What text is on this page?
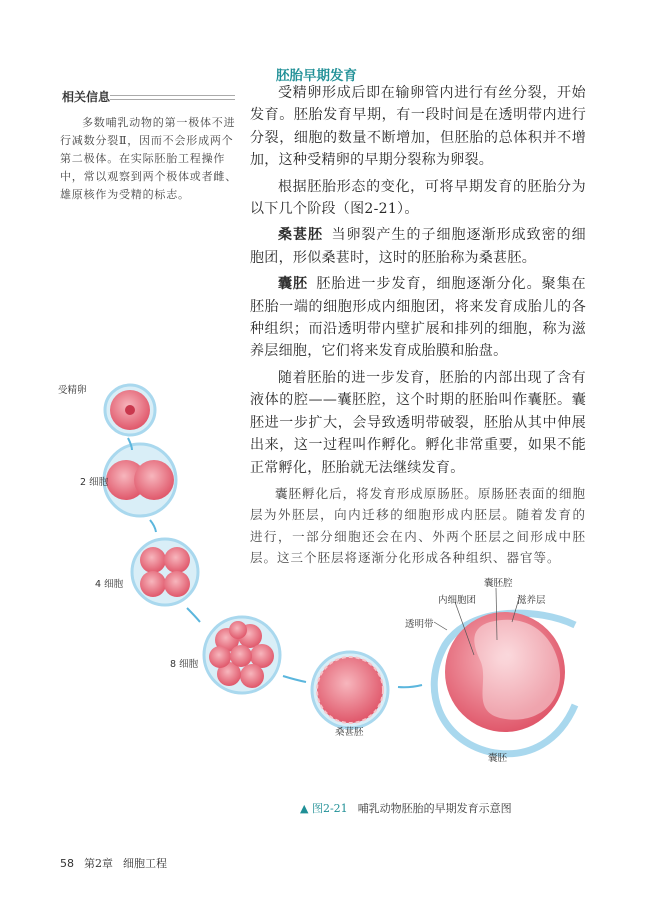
相关信息
多数哺乳动物的第一极体不进行减数分裂Ⅱ，因而不会形成两个第二极体。在实际胚胎工程操作中，常以观察到两个极体或者雌、雄原核作为受精的标志。
胚胎早期发育

受精卵形成后即在输卵管内进行有丝分裂，开始发育。胚胎发育早期，有一段时间是在透明带内进行分裂，细胞的数量不断增加，但胚胎的总体积并不增加，这种受精卵的早期分裂称为卵裂。

根据胚胎形态的变化，可将早期发育的胚胎分为以下几个阶段（图2-21）。

桑葚胚 当卵裂产生的子细胞逐渐形成致密的细胞团，形似桑葚时，这时的胚胎称为桑葚胚。

囊胚 胚胎进一步发育，细胞逐渐分化。聚集在胚胎一端的细胞形成内细胞团，将来发育成胎儿的各种组织；而沿透明带内壁扩展和排列的细胞，称为滋养层细胞，它们将来发育成胎膜和胎盘。

随着胚胎的进一步发育，胚胎的内部出现了含有液体的腔——囊胚腔，这个时期的胚胎叫作囊胚。囊胚进一步扩大，会导致透明带破裂，胚胎从其中伸展出来，这一过程叫作孵化。孵化非常重要，如果不能正常孵化，胚胎就无法继续发育。

囊胚孵化后，将发育形成原肠胚。原肠胚表面的细胞层为外胚层，向内迁移的细胞形成内胚层。随着发育的进行，一部分细胞还会在内、外两个胚层之间形成中胚层。这三个胚层将逐渐分化形成各种组织、器官等。

受精卵
2 细胞
4 细胞
8 细胞
桑葚胚
囊胚
囊胚腔
内细胞团	滋养层
透明带
▲ 图2-21 哺乳动物胚胎的早期发育示意图
58 第2章 细胞工程
